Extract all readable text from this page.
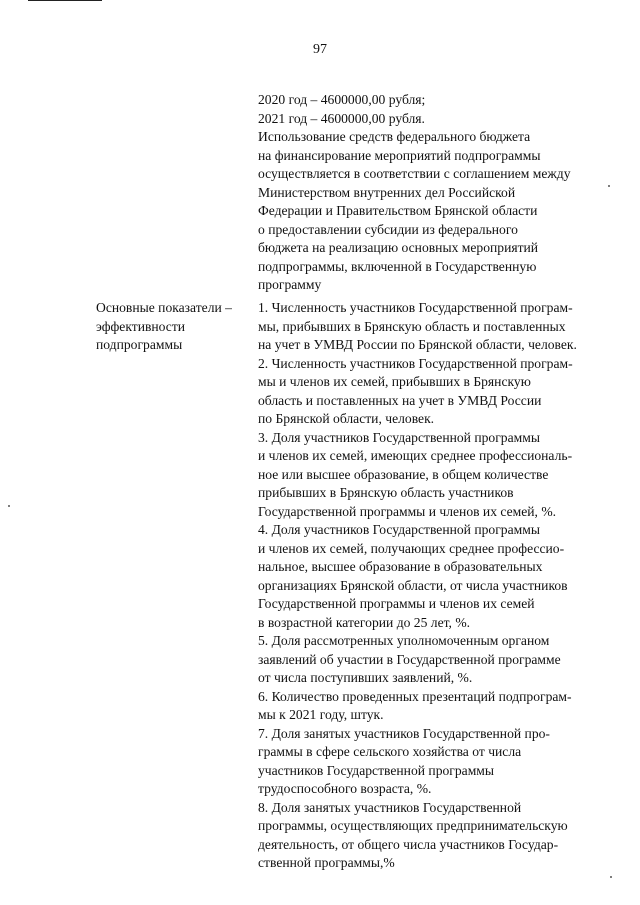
97
2020 год – 4600000,00 рубля;
2021 год – 4600000,00 рубля.
Использование средств федерального бюджета
на финансирование мероприятий подпрограммы
осуществляется в соответствии с соглашением между
Министерством внутренних дел Российской
Федерации и Правительством Брянской области
о предоставлении субсидии из федерального
бюджета на реализацию основных мероприятий
подпрограммы, включенной в Государственную
программу
Основные показатели –
эффективности
подпрограммы
1. Численность участников Государственной програм-
мы, прибывших в Брянскую область и поставленных
на учет в УМВД России по Брянской области, человек.
2. Численность участников Государственной програм-
мы и членов их семей, прибывших в Брянскую
область и поставленных на учет в УМВД России
по Брянской области, человек.
3. Доля участников Государственной программы
и членов их семей, имеющих среднее профессиональ-
ное или высшее образование, в общем количестве
прибывших в Брянскую область участников
Государственной программы и членов их семей, %.
4. Доля участников Государственной программы
и членов их семей, получающих среднее профессио-
нальное, высшее образование в образовательных
организациях Брянской области, от числа участников
Государственной программы и членов их семей
в возрастной категории до 25 лет, %.
5. Доля рассмотренных уполномоченным органом
заявлений об участии в Государственной программе
от числа поступивших заявлений, %.
6. Количество проведенных презентаций подпрограм-
мы к 2021 году, штук.
7. Доля занятых участников Государственной про-
граммы в сфере сельского хозяйства от числа
участников Государственной программы
трудоспособного возраста, %.
8. Доля занятых участников Государственной
программы, осуществляющих предпринимательскую
деятельность, от общего числа участников Государ-
ственной программы,%
